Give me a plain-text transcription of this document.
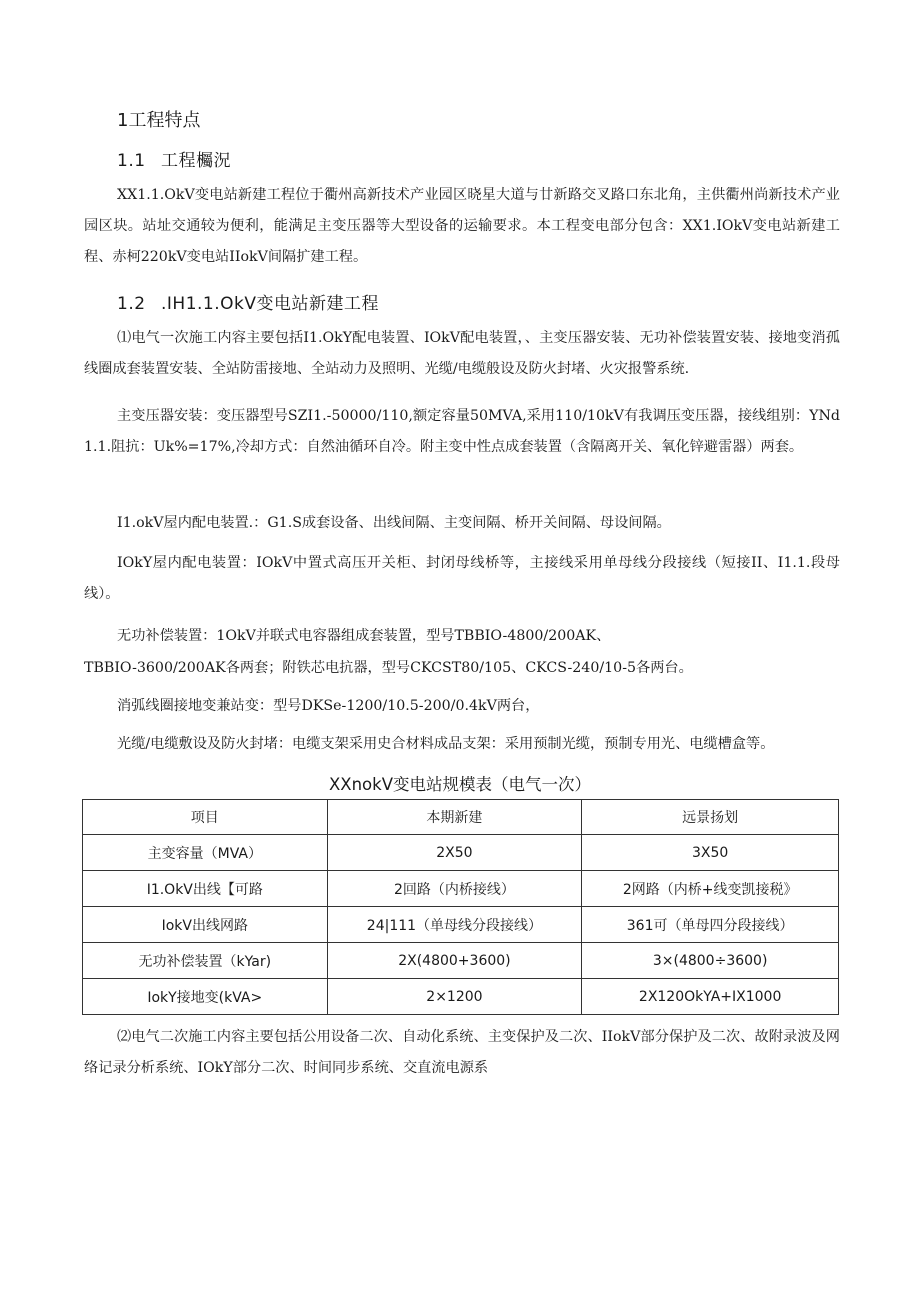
1工程特点
1.1 工程欘況
XX1.1.OkV变电站新建工程位于衢州高新技术产业园区晓星大道与廿新路交叉路口东北角，主供衢州尚新技术产业园区块。站址交通较为便利，能满足主变压器等大型设备的运输要求。本工程变电部分包含：XX1.IOkV变电站新建工程、赤柯220kV变电站IIokV间隔扩建工程。
1.2 .IH1.1.OkV变电站新建工程
⑴电气一次施工内容主要包括I1.OkY配电装置、IOkV配电装置，、主变压器安装、无功补偿装置安装、接地变消孤线圈成套装置安装、全站防雷接地、全站动力及照明、光缆/电缆般设及防火封堵、火灾报警系统.
主变压器安装：变压器型号SZI1.-50000/110,额定容量50MVA,采用110/10kV有我调压变压器，接线组别：YNd1.1.阻抗：Uk%=17%,冷却方式：自然油循环自冷。附主变中性点成套装置（含隔离开关、氧化锌避雷器）两套。
I1.okV屋内配电装置.：G1.S成套设备、出线间隔、主变间隔、桥开关间隔、母设间隔。
IOkY屋内配电装置：IOkV中置式高压开关柜、封闭母线桥等，主接线采用单母线分段接线（短接II、I1.1.段母线）。
无功补偿装置：1OkV并联式电容器组成套装置，型号TBBIO-4800/200AK、
TBBIO-3600/200AK各两套；附铁芯电抗器，型号CKCST80/105、CKCS-240/10-5各两台。
消弧线圈接地变兼站变：型号DKSe-1200/10.5-200/0.4kV两台，
光缆/电缆敷设及防火封堵：电缆支架采用史合材料成品支架：采用预制光缆，预制专用光、电缆槽盒等。
XXnokV变电站规模表（电气一次）
项目	本期新建	远景扬划
主变容量（MVA）	2X50	3X50
I1.OkV出线【可路	2回路（内桥接线）	2网路（内桥+线变凯接税》
IokV出线网路	24|111（单母线分段接线）	361可（单母四分段接线）
无功补偿装置（kYar)	2X(4800+3600)	3×(4800÷3600)
IokY接地变(kVA>	2×1200	2X120OkYA+IX1000
⑵电气二次施工内容主要包括公用设备二次、自动化系统、主变保护及二次、IIokV部分保护及二次、故附录波及网络记录分析系统、IOkY部分二次、时间同步系统、交直流电源系
